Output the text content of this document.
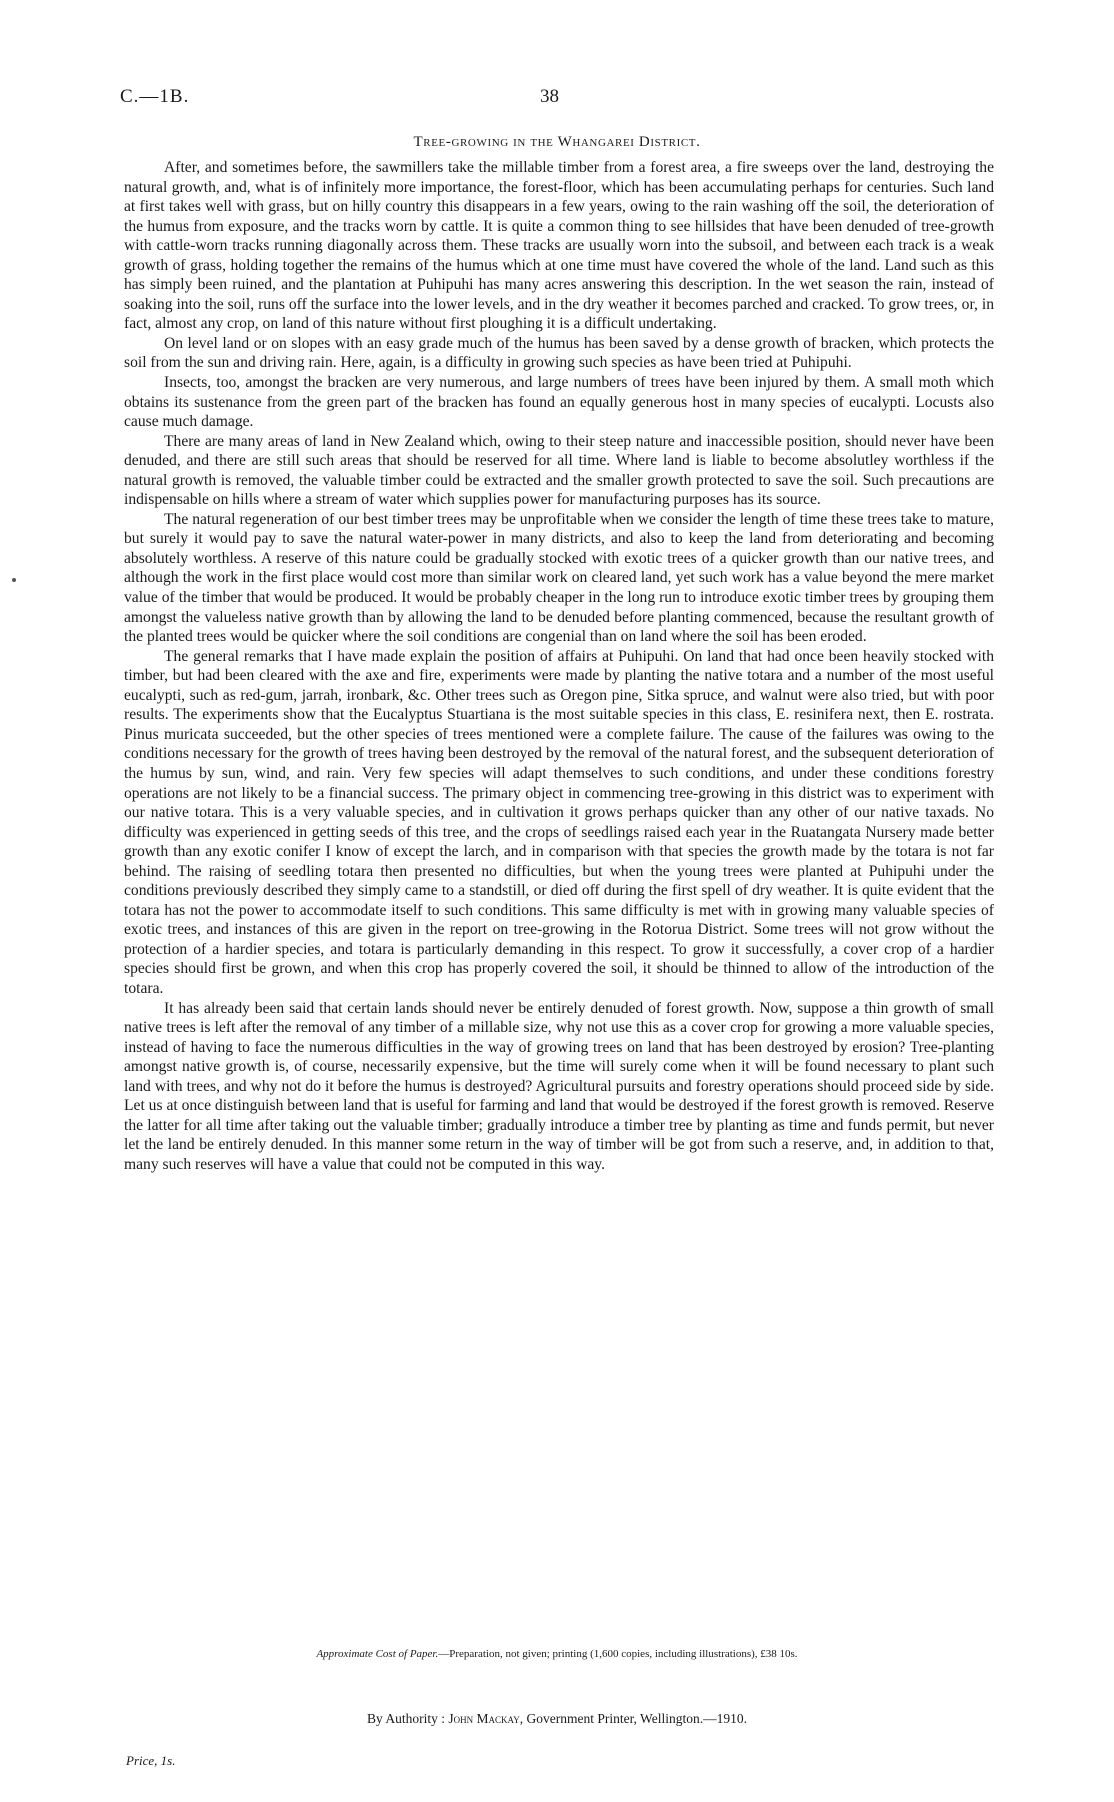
C.—1B.	38
Tree-growing in the Whangarei District.

After, and sometimes before, the sawmillers take the millable timber from a forest area, a fire sweeps over the land, destroying the natural growth, and, what is of infinitely more importance, the forest-floor, which has been accumulating perhaps for centuries. Such land at first takes well with grass, but on hilly country this disappears in a few years, owing to the rain washing off the soil, the deterioration of the humus from exposure, and the tracks worn by cattle. It is quite a common thing to see hillsides that have been denuded of tree-growth with cattle-worn tracks running diagonally across them. These tracks are usually worn into the subsoil, and between each track is a weak growth of grass, holding together the remains of the humus which at one time must have covered the whole of the land. Land such as this has simply been ruined, and the plantation at Puhipuhi has many acres answering this description. In the wet season the rain, instead of soaking into the soil, runs off the surface into the lower levels, and in the dry weather it becomes parched and cracked. To grow trees, or, in fact, almost any crop, on land of this nature without first ploughing it is a difficult undertaking.

On level land or on slopes with an easy grade much of the humus has been saved by a dense growth of bracken, which protects the soil from the sun and driving rain. Here, again, is a difficulty in growing such species as have been tried at Puhipuhi.

Insects, too, amongst the bracken are very numerous, and large numbers of trees have been injured by them. A small moth which obtains its sustenance from the green part of the bracken has found an equally generous host in many species of eucalypti. Locusts also cause much damage.

There are many areas of land in New Zealand which, owing to their steep nature and inaccessible position, should never have been denuded, and there are still such areas that should be reserved for all time. Where land is liable to become absolutley worthless if the natural growth is removed, the valuable timber could be extracted and the smaller growth protected to save the soil. Such precautions are indispensable on hills where a stream of water which supplies power for manufacturing purposes has its source.

The natural regeneration of our best timber trees may be unprofitable when we consider the length of time these trees take to mature, but surely it would pay to save the natural water-power in many districts, and also to keep the land from deteriorating and becoming absolutely worthless. A reserve of this nature could be gradually stocked with exotic trees of a quicker growth than our native trees, and although the work in the first place would cost more than similar work on cleared land, yet such work has a value beyond the mere market value of the timber that would be produced. It would be probably cheaper in the long run to introduce exotic timber trees by grouping them amongst the valueless native growth than by allowing the land to be denuded before planting commenced, because the resultant growth of the planted trees would be quicker where the soil conditions are congenial than on land where the soil has been eroded.

The general remarks that I have made explain the position of affairs at Puhipuhi. On land that had once been heavily stocked with timber, but had been cleared with the axe and fire, experiments were made by planting the native totara and a number of the most useful eucalypti, such as red-gum, jarrah, ironbark, &c. Other trees such as Oregon pine, Sitka spruce, and walnut were also tried, but with poor results. The experiments show that the Eucalyptus Stuartiana is the most suitable species in this class, E. resinifera next, then E. rostrata. Pinus muricata succeeded, but the other species of trees mentioned were a complete failure. The cause of the failures was owing to the conditions necessary for the growth of trees having been destroyed by the removal of the natural forest, and the subsequent deterioration of the humus by sun, wind, and rain. Very few species will adapt themselves to such conditions, and under these conditions forestry operations are not likely to be a financial success. The primary object in commencing tree-growing in this district was to experiment with our native totara. This is a very valuable species, and in cultivation it grows perhaps quicker than any other of our native taxads. No difficulty was experienced in getting seeds of this tree, and the crops of seedlings raised each year in the Ruatangata Nursery made better growth than any exotic conifer I know of except the larch, and in comparison with that species the growth made by the totara is not far behind. The raising of seedling totara then presented no difficulties, but when the young trees were planted at Puhipuhi under the conditions previously described they simply came to a standstill, or died off during the first spell of dry weather. It is quite evident that the totara has not the power to accommodate itself to such conditions. This same difficulty is met with in growing many valuable species of exotic trees, and instances of this are given in the report on tree-growing in the Rotorua District. Some trees will not grow without the protection of a hardier species, and totara is particularly demanding in this respect. To grow it successfully, a cover crop of a hardier species should first be grown, and when this crop has properly covered the soil, it should be thinned to allow of the introduction of the totara.

It has already been said that certain lands should never be entirely denuded of forest growth. Now, suppose a thin growth of small native trees is left after the removal of any timber of a millable size, why not use this as a cover crop for growing a more valuable species, instead of having to face the numerous difficulties in the way of growing trees on land that has been destroyed by erosion? Tree-planting amongst native growth is, of course, necessarily expensive, but the time will surely come when it will be found necessary to plant such land with trees, and why not do it before the humus is destroyed? Agricultural pursuits and forestry operations should proceed side by side. Let us at once distinguish between land that is useful for farming and land that would be destroyed if the forest growth is removed. Reserve the latter for all time after taking out the valuable timber; gradually introduce a timber tree by planting as time and funds permit, but never let the land be entirely denuded. In this manner some return in the way of timber will be got from such a reserve, and, in addition to that, many such reserves will have a value that could not be computed in this way.

Approximate Cost of Paper.—Preparation, not given; printing (1,600 copies, including illustrations), £38 10s.
By Authority : John Mackay, Government Printer, Wellington.—1910.
Price, 1s.
